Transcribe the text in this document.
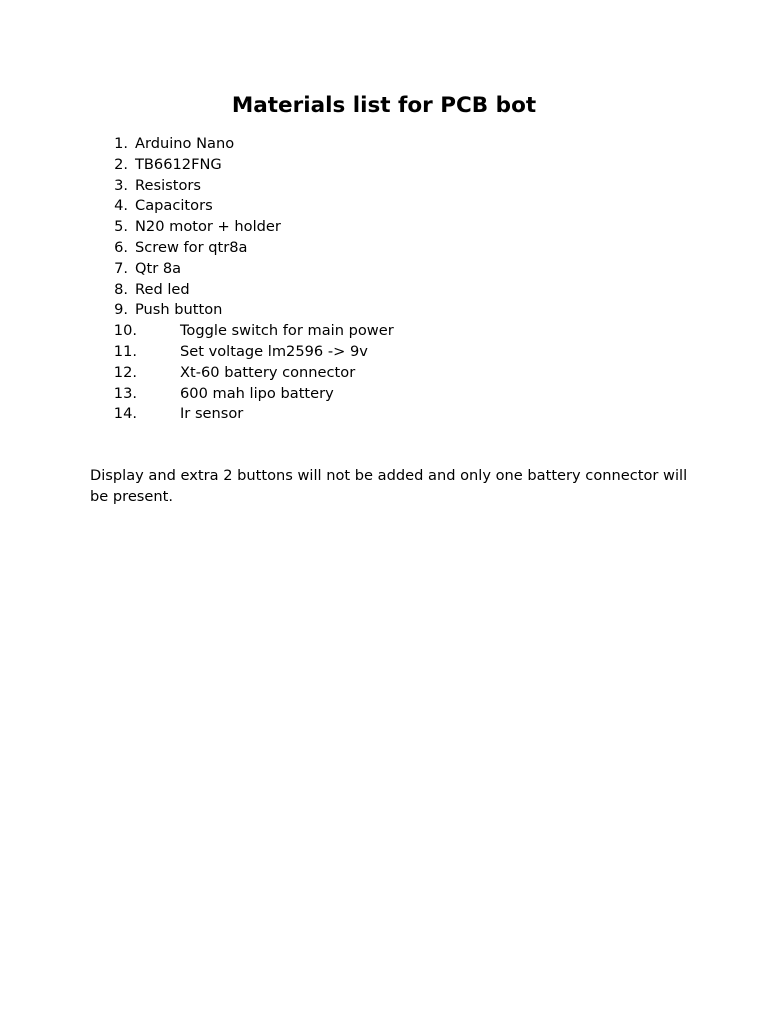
Materials list for PCB bot
1. Arduino Nano
2. TB6612FNG
3. Resistors
4. Capacitors
5. N20 motor + holder
6. Screw for qtr8a
7. Qtr 8a
8. Red led
9. Push button
10.	Toggle switch for main power
11.	Set voltage lm2596 -> 9v
12.	Xt-60 battery connector
13.	600 mah lipo battery
14.	Ir sensor

Display and extra 2 buttons will not be added and only one battery connector will be present.
